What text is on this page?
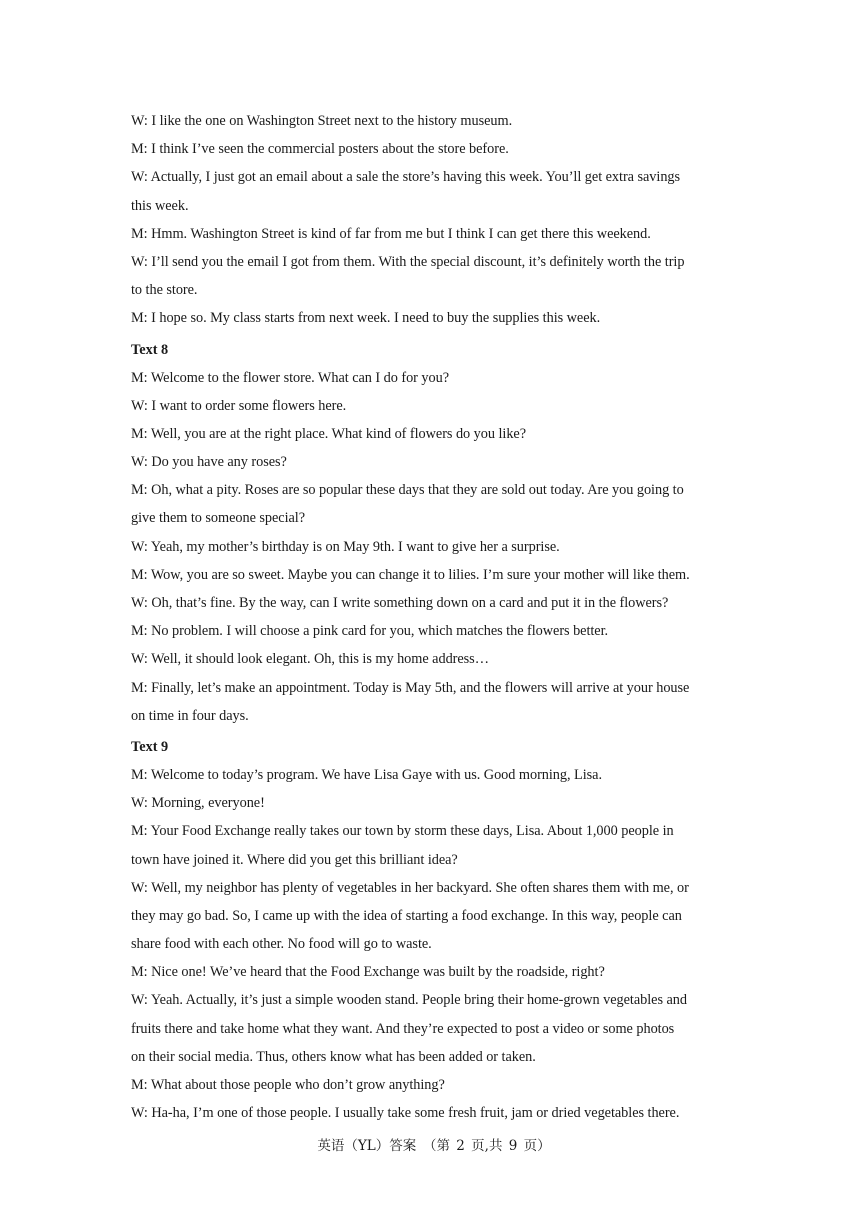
W: I like the one on Washington Street next to the history museum.
M: I think I’ve seen the commercial posters about the store before.
W: Actually, I just got an email about a sale the store’s having this week. You’ll get extra savings
this week.
M: Hmm. Washington Street is kind of far from me but I think I can get there this weekend.
W: I’ll send you the email I got from them. With the special discount, it’s definitely worth the trip
to the store.
M: I hope so. My class starts from next week. I need to buy the supplies this week.
Text 8
M: Welcome to the flower store. What can I do for you?
W: I want to order some flowers here.
M: Well, you are at the right place. What kind of flowers do you like?
W: Do you have any roses?
M: Oh, what a pity. Roses are so popular these days that they are sold out today. Are you going to
give them to someone special?
W: Yeah, my mother’s birthday is on May 9th. I want to give her a surprise.
M: Wow, you are so sweet. Maybe you can change it to lilies. I’m sure your mother will like them.
W: Oh, that’s fine. By the way, can I write something down on a card and put it in the flowers?
M: No problem. I will choose a pink card for you, which matches the flowers better.
W: Well, it should look elegant. Oh, this is my home address…
M: Finally, let’s make an appointment. Today is May 5th, and the flowers will arrive at your house
on time in four days.
Text 9
M: Welcome to today’s program. We have Lisa Gaye with us. Good morning, Lisa.
W: Morning, everyone!
M: Your Food Exchange really takes our town by storm these days, Lisa. About 1,000 people in
town have joined it. Where did you get this brilliant idea?
W: Well, my neighbor has plenty of vegetables in her backyard. She often shares them with me, or
they may go bad. So, I came up with the idea of starting a food exchange. In this way, people can
share food with each other. No food will go to waste.
M: Nice one! We’ve heard that the Food Exchange was built by the roadside, right?
W: Yeah. Actually, it’s just a simple wooden stand. People bring their home-grown vegetables and
fruits there and take home what they want. And they’re expected to post a video or some photos
on their social media. Thus, others know what has been added or taken.
M: What about those people who don’t grow anything?
W: Ha-ha, I’m one of those people. I usually take some fresh fruit, jam or dried vegetables there.
英语（YL）答案　（第 2 页,共 9 页）
